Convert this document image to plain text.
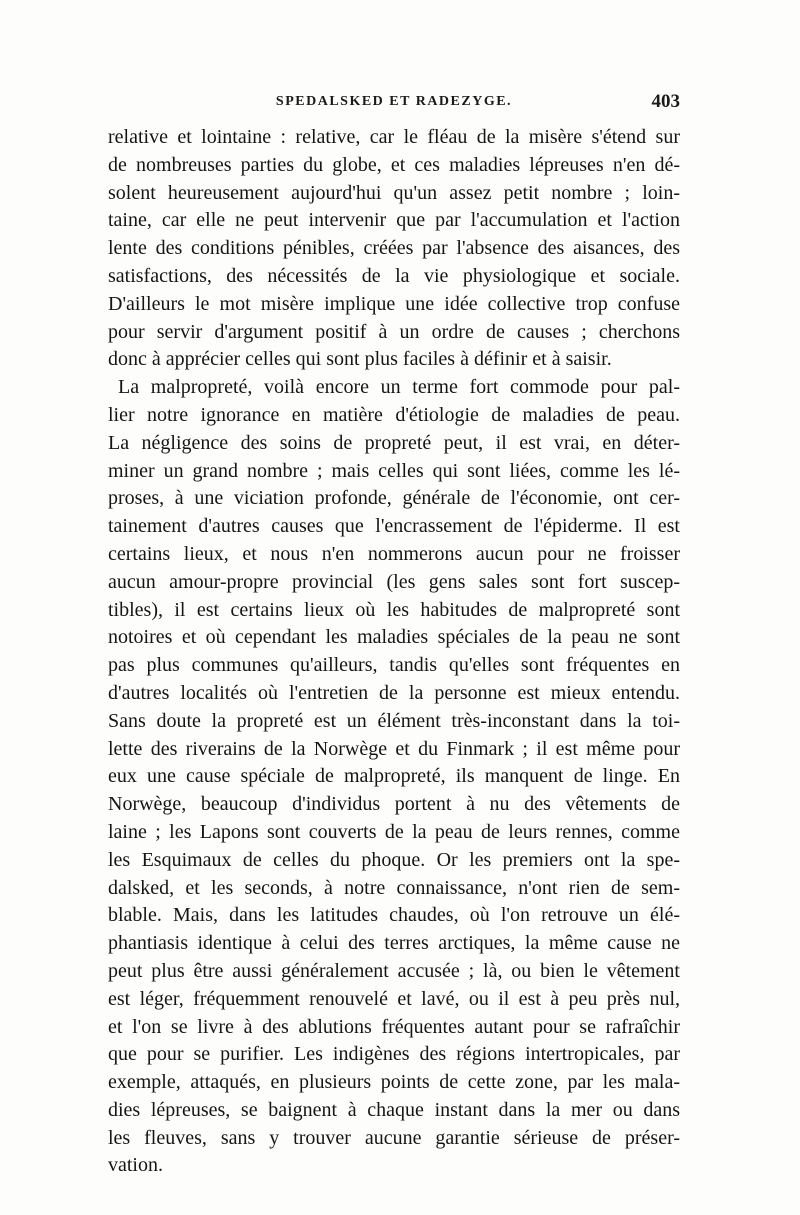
SPEDALSKED ET RADEZYGE.	403
relative et lointaine : relative, car le fléau de la misère s'étend sur
de nombreuses parties du globe, et ces maladies lépreuses n'en dé-
solent heureusement aujourd'hui qu'un assez petit nombre ; loin-
taine, car elle ne peut intervenir que par l'accumulation et l'action
lente des conditions pénibles, créées par l'absence des aisances, des
satisfactions, des nécessités de la vie physiologique et sociale.
D'ailleurs le mot misère implique une idée collective trop confuse
pour servir d'argument positif à un ordre de causes ; cherchons
donc à apprécier celles qui sont plus faciles à définir et à saisir.
La malpropreté, voilà encore un terme fort commode pour pal-
lier notre ignorance en matière d'étiologie de maladies de peau.
La négligence des soins de propreté peut, il est vrai, en déter-
miner un grand nombre ; mais celles qui sont liées, comme les lé-
proses, à une viciation profonde, générale de l'économie, ont cer-
tainement d'autres causes que l'encrassement de l'épiderme. Il est
certains lieux, et nous n'en nommerons aucun pour ne froisser
aucun amour-propre provincial (les gens sales sont fort suscep-
tibles), il est certains lieux où les habitudes de malpropreté sont
notoires et où cependant les maladies spéciales de la peau ne sont
pas plus communes qu'ailleurs, tandis qu'elles sont fréquentes en
d'autres localités où l'entretien de la personne est mieux entendu.
Sans doute la propreté est un élément très-inconstant dans la toi-
lette des riverains de la Norwège et du Finmark ; il est même pour
eux une cause spéciale de malpropreté, ils manquent de linge. En
Norwège, beaucoup d'individus portent à nu des vêtements de
laine ; les Lapons sont couverts de la peau de leurs rennes, comme
les Esquimaux de celles du phoque. Or les premiers ont la spe-
dalsked, et les seconds, à notre connaissance, n'ont rien de sem-
blable. Mais, dans les latitudes chaudes, où l'on retrouve un élé-
phantiasis identique à celui des terres arctiques, la même cause ne
peut plus être aussi généralement accusée ; là, ou bien le vêtement
est léger, fréquemment renouvelé et lavé, ou il est à peu près nul,
et l'on se livre à des ablutions fréquentes autant pour se rafraîchir
que pour se purifier. Les indigènes des régions intertropicales, par
exemple, attaqués, en plusieurs points de cette zone, par les mala-
dies lépreuses, se baignent à chaque instant dans la mer ou dans
les fleuves, sans y trouver aucune garantie sérieuse de préser-
vation.
